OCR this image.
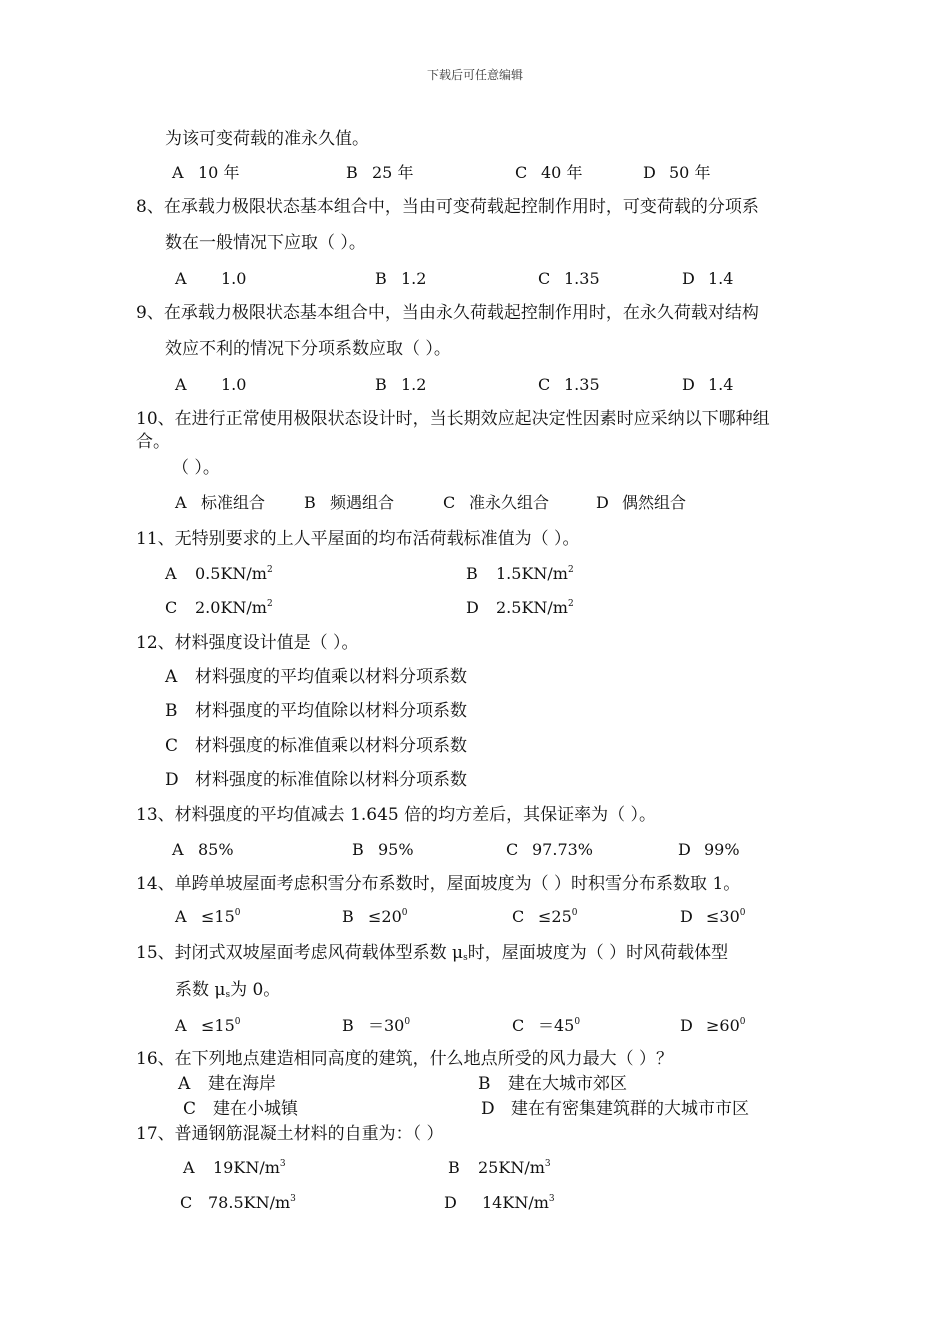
下载后可任意编辑
为该可变荷载的准永久值。
A 10 年	B 25 年	C 40 年	D 50 年
8、在承载力极限状态基本组合中，当由可变荷载起控制作用时，可变荷载的分项系
数在一般情况下应取（ ）。
A 1.0	B 1.2	C 1.35	D 1.4
9、在承载力极限状态基本组合中，当由永久荷载起控制作用时，在永久荷载对结构
效应不利的情况下分项系数应取（ ）。
A 1.0	B 1.2	C 1.35	D 1.4
10、在进行正常使用极限状态设计时，当长期效应起决定性因素时应采纳以下哪种组
合。
（ ）。
A 标准组合 B 频遇组合	C 准永久组合	D 偶然组合
11、无特别要求的上人平屋面的均布活荷载标准值为（ ）。
A $0.5KN/m^2$	B $1.5KN/m^2$
C $2.0KN/m^2$	D $2.5KN/m^2$
12、材料强度设计值是（ ）。
A 材料强度的平均值乘以材料分项系数
B 材料强度的平均值除以材料分项系数
C 材料强度的标准值乘以材料分项系数
D 材料强度的标准值除以材料分项系数
13、材料强度的平均值减去 1.645 倍的均方差后，其保证率为（ ）。
A 85%	B 95%	C 97.73%	D 99%
14、单跨单坡屋面考虑积雪分布系数时，屋面坡度为（ ）时积雪分布系数取 1。
$A \le 15^0$	$B \le 20^0$	$C \le 25^0$	$D \le 30^0$
15、封闭式双坡屋面考虑风荷载体型系数 $\mu_s$时，屋面坡度为（ ）时风荷载体型
系数 $\mu_s$为 0。
$A \le 15^0$	$B =30^0$	$C =45^0$	$D \ge 60^0$
16、在下列地点建造相同高度的建筑，什么地点所受的风力最大（ ）？
A 建在海岸	B 建在大城市郊区
C 建在小城镇	D 建在有密集建筑群的大城市市区
17、普通钢筋混凝土材料的自重为：（ ）
A $19KN/m^3$	B $25KN/m^3$
C $78.5KN/m^3$	D $14KN/m^3$
